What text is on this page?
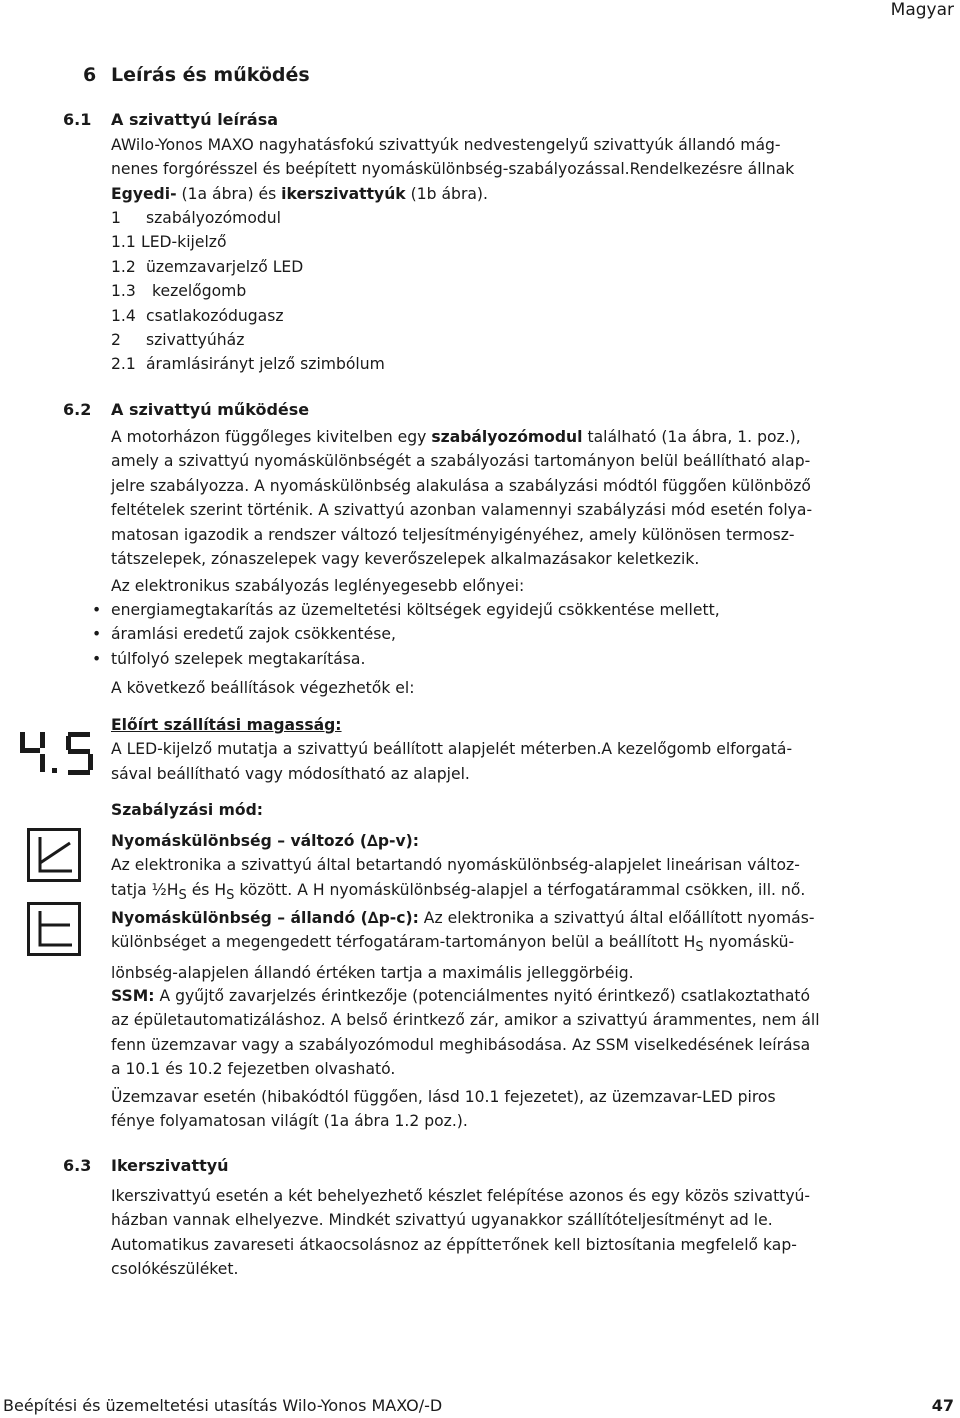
Magyar
6 Leírás és működés
6.1 A szivattyú leírása
AWilo-Yonos MAXO nagyhatásfokú szivattyúk nedvestengelyű szivattyúk állandó mág-
nenes forgórésszel és beépített nyomáskülönbség-szabályozással.Rendelkezésre állnak
Egyedi- (1a ábra) és ikerszivattyúk (1b ábra).
1	szabályozómodul
1.1 LED-kijelző
1.2 üzemzavarjelző LED
1.3	kezelőgomb
1.4 csatlakozódugasz
2	szivattyúház
2.1 áramlásirányt jelző szimbólum
6.2 A szivattyú működése
A motorházon függőleges kivitelben egy szabályozómodul található (1a ábra, 1. poz.),
amely a szivattyú nyomáskülönbségét a szabályozási tartományon belül beállítható alap-
jelre szabályozza. A nyomáskülönbség alakulása a szabályzási módtól függően különböző
feltételek szerint történik. A szivattyú azonban valamennyi szabályzási mód esetén folya-
matosan igazodik a rendszer változó teljesítményigényéhez, amely különösen termosz-
tátszelepek, zónaszelepek vagy keverőszelepek alkalmazásakor keletkezik.
Az elektronikus szabályozás leglényegesebb előnyei:
• energiamegtakarítás az üzemeltetési költségek egyidejű csökkentése mellett,
• áramlási eredetű zajok csökkentése,
• túlfolyó szelepek megtakarítása.
A következő beállítások végezhetők el:
Előírt szállítási magasság:
A LED-kijelző mutatja a szivattyú beállított alapjelét méterben.A kezelőgomb elforgatá-
sával beállítható vagy módosítható az alapjel.
Szabályzási mód:
Nyomáskülönbség – változó (∆p-v):
Az elektronika a szivattyú által betartandó nyomáskülönbség-alapjelet lineárisan változ-
tatja $\frac{1}{2}H_S$ és $H_S$ között. A H nyomáskülönbség-alapjel a térfogatárammal csökken, ill. nő.
Nyomáskülönbség – állandó (∆p-c): Az elektronika a szivattyú által előállított nyomás-
különbséget a megengedett térfogatáram-tartományon belül a beállított $H_S$ nyomáskü-
lönbség-alapjelen állandó értéken tartja a maximális jelleggörbéig.
SSM: A gyűjtő zavarjelzés érintkezője (potenciálmentes nyitó érintkező) csatlakoztatható
az épületautomatizáláshoz. A belső érintkező zár, amikor a szivattyú árammentes, nem áll
fenn üzemzavar vagy a szabályozómodul meghibásodása. Az SSM viselkedésének leírása
a 10.1 és 10.2 fejezetben olvasható.
Üzemzavar esetén (hibakódtól függően, lásd 10.1 fejezetet), az üzemzavar-LED piros
fénye folyamatosan világít (1a ábra 1.2 poz.).
6.3 Ikerszivattyú
Ikerszivattyú esetén a két behelyezhető készlet felépítése azonos és egy közös szivattyú-
házban vannak elhelyezve. Mindkét szivattyú ugyanakkor szállítóteljesítményt ad le.
Automatikus zavareseti átkaocsolásnoz az éppítteтőnek kell biztosítania megfelelő kap-
csolókészüléket.
Beépítési és üzemeltetési utasítás Wilo-Yonos MAXO/-D	47
